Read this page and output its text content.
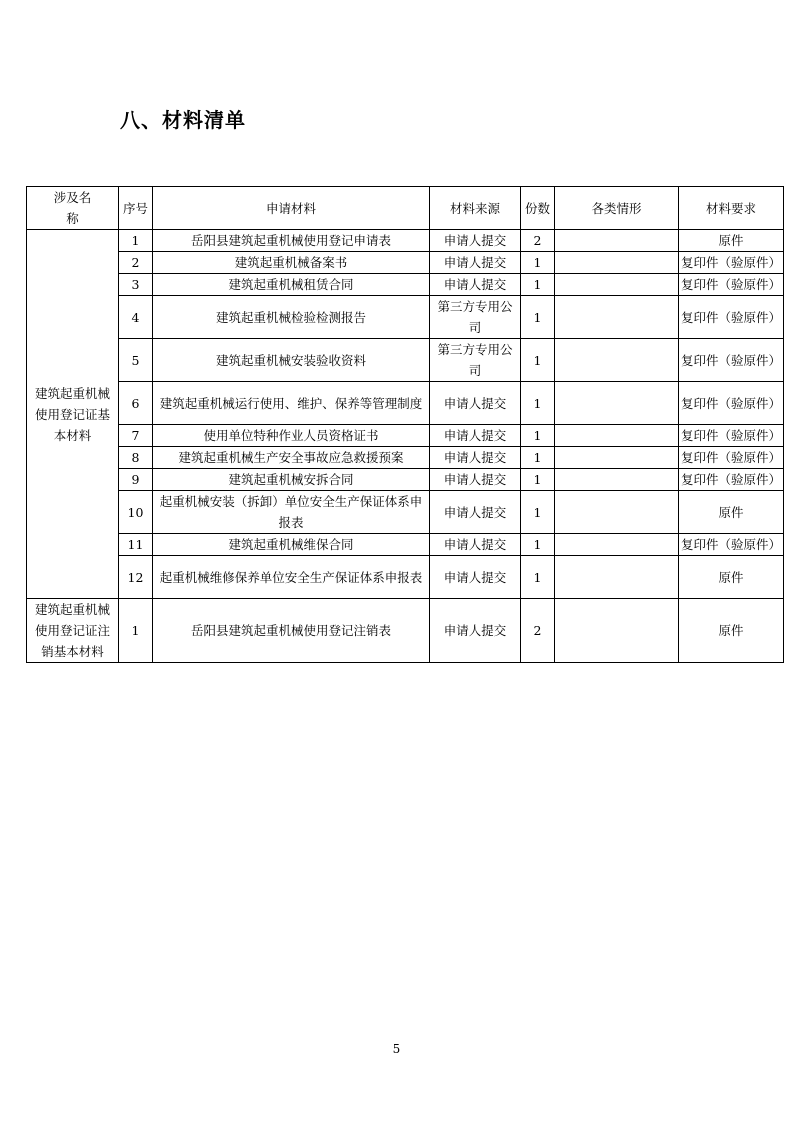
八、材料清单
涉及名称	序号	申请材料	材料来源	份数	各类情形	材料要求
建筑起重机械使用登记证基本材料	1	岳阳县建筑起重机械使用登记申请表	申请人提交	2		原件
	2	建筑起重机械备案书	申请人提交	1		复印件（验原件）
	3	建筑起重机械租赁合同	申请人提交	1		复印件（验原件）
	4	建筑起重机械检验检测报告	第三方专用公司	1		复印件（验原件）
	5	建筑起重机械安装验收资料	第三方专用公司	1		复印件（验原件）
	6	建筑起重机械运行使用、维护、保养等管理制度	申请人提交	1		复印件（验原件）
	7	使用单位特种作业人员资格证书	申请人提交	1		复印件（验原件）
	8	建筑起重机械生产安全事故应急救援预案	申请人提交	1		复印件（验原件）
	9	建筑起重机械安拆合同	申请人提交	1		复印件（验原件）
	10	起重机械安装（拆卸）单位安全生产保证体系申报表	申请人提交	1		原件
	11	建筑起重机械维保合同	申请人提交	1		复印件（验原件）
	12	起重机械维修保养单位安全生产保证体系申报表	申请人提交	1		原件
建筑起重机械使用登记证注销基本材料	1	岳阳县建筑起重机械使用登记注销表	申请人提交	2		原件
5
